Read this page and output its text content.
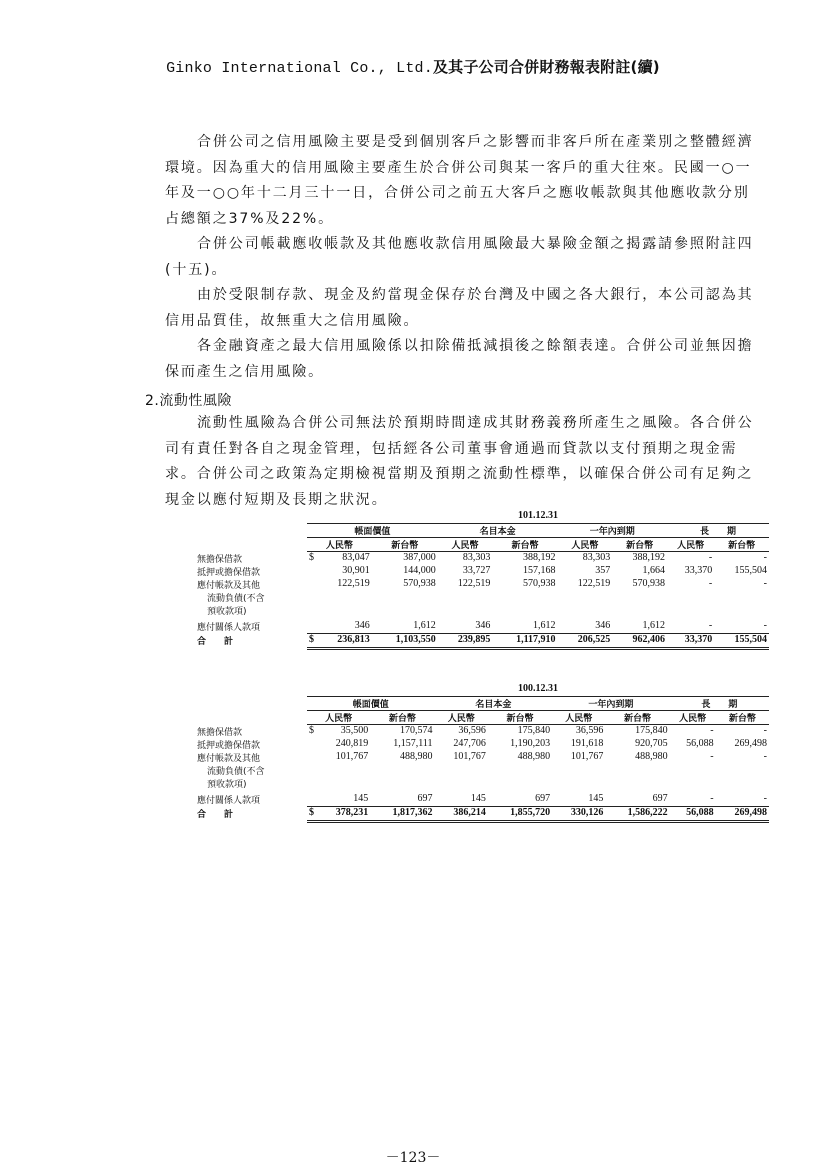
Ginko International Co., Ltd.及其子公司合併財務報表附註(續)

合併公司之信用風險主要是受到個別客戶之影響而非客戶所在產業別之整體經濟環境。因為重大的信用風險主要產生於合併公司與某一客戶的重大往來。民國一○一年及一○○年十二月三十一日，合併公司之前五大客戶之應收帳款與其他應收款分別占總額之37%及22%。

合併公司帳載應收帳款及其他應收款信用風險最大暴險金額之揭露請參照附註四(十五)。

由於受限制存款、現金及約當現金保存於台灣及中國之各大銀行，本公司認為其信用品質佳，故無重大之信用風險。

各金融資產之最大信用風險係以扣除備抵減損後之餘額表達。合併公司並無因擔保而產生之信用風險。

2.流動性風險

流動性風險為合併公司無法於預期時間達成其財務義務所產生之風險。各合併公司有責任對各自之現金管理，包括經各公司董事會通過而貸款以支付預期之現金需求。合併公司之政策為定期檢視當期及預期之流動性標準，以確保合併公司有足夠之現金以應付短期及長期之狀況。

	101.12.31								
	帳面價值			名目本金		一年內到期		長　　期	
	人民幣		新台幣	人民幣	新台幣	人民幣	新台幣	人民幣	新台幣
無擔保借款	$	83,047	387,000	83,303	388,192	83,303	388,192	-	-
抵押或擔保借款		30,901	144,000	33,727	157,168	357	1,664	33,370	155,504
應付帳款及其他		122,519	570,938	122,519	570,938	122,519	570,938	-	-
流動負債(不含									
預收款項)									

應付關係人款項		346	1,612	346	1,612	346	1,612	-	-
合　　計	$	236,813	1,103,550	239,895	1,117,910	206,525	962,406	33,370	155,504
	100.12.31								
	帳面價值			名目本金		一年內到期		長　　期	
	人民幣		新台幣	人民幣	新台幣	人民幣	新台幣	人民幣	新台幣
無擔保借款	$	35,500	170,574	36,596	175,840	36,596	175,840	-	-
抵押或擔保借款		240,819	1,157,111	247,706	1,190,203	191,618	920,705	56,088	269,498
應付帳款及其他		101,767	488,980	101,767	488,980	101,767	488,980	-	-
流動負債(不含									
預收款項)									

應付關係人款項		145	697	145	697	145	697	-	-
合　　計	$	378,231	1,817,362	386,214	1,855,720	330,126	1,586,222	56,088	269,498
－123－
